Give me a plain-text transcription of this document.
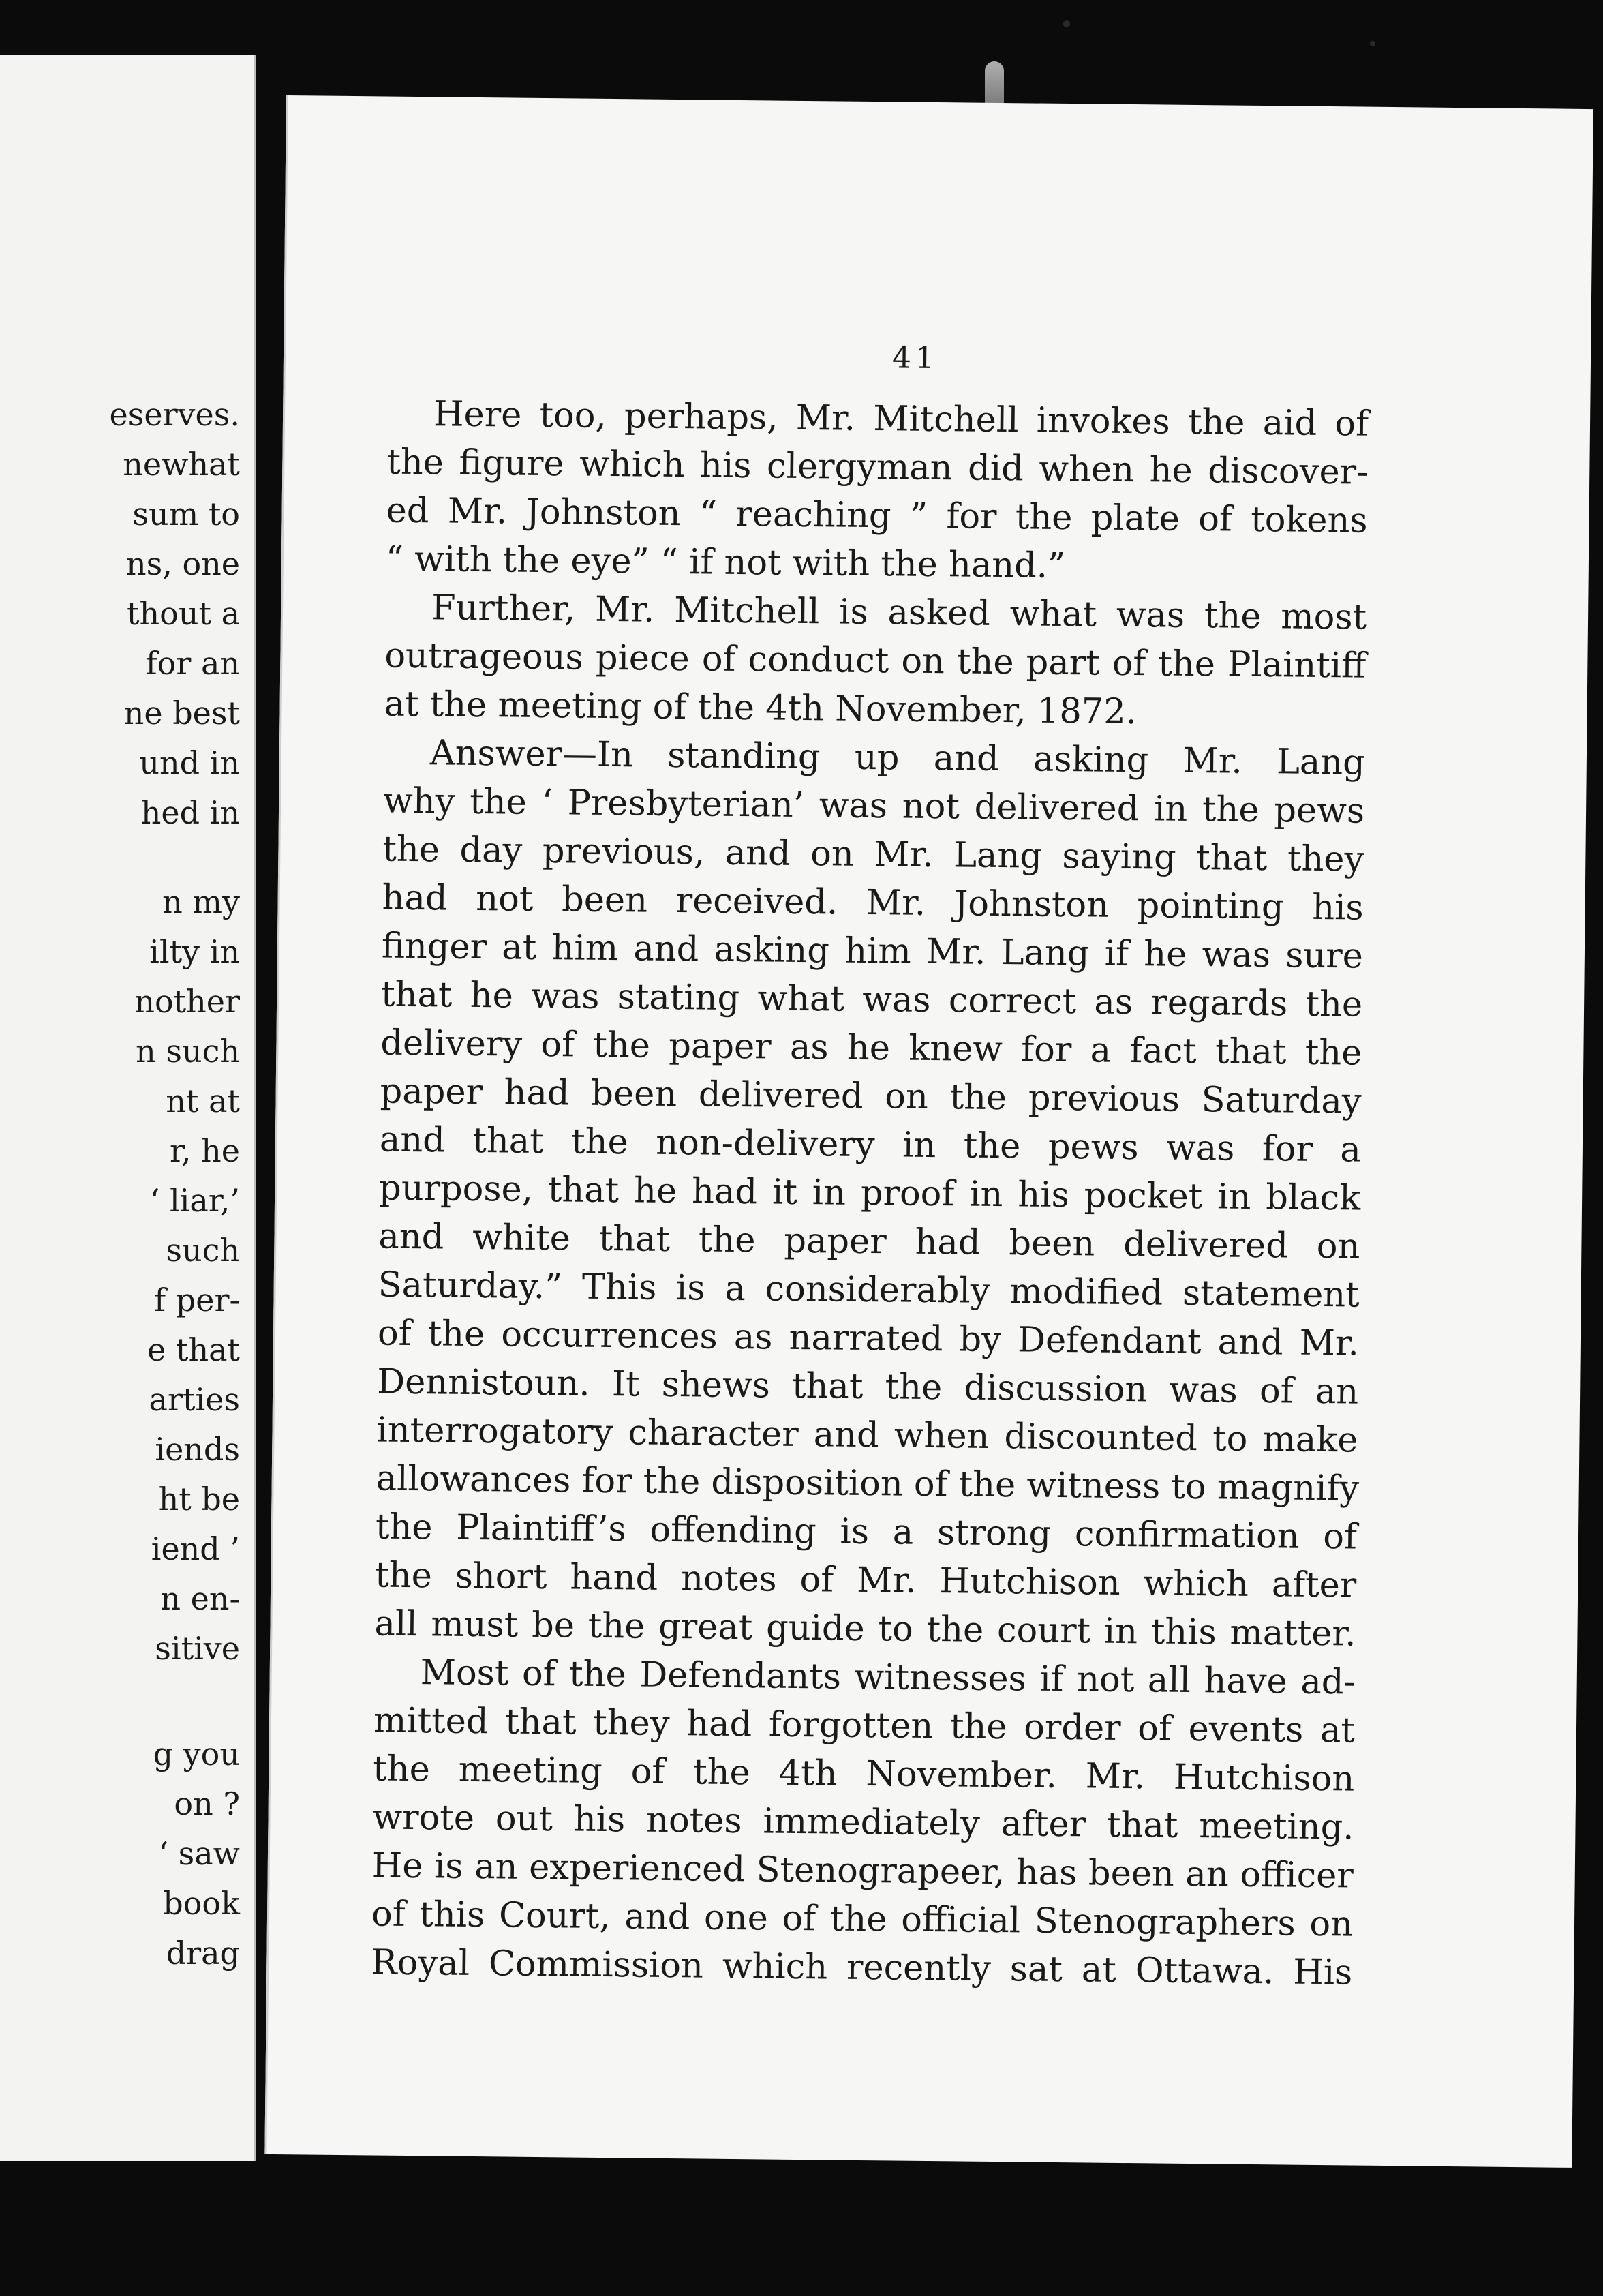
eserves.
newhat
sum to
ns, one
thout a
for an
ne best
und in
hed in
n my
ilty in
nother
n such
nt at
r, he
‘ liar,’
such
f per-
e that
arties
iends
ht be
iend ’
n en-
sitive
g you
on ?
‘ saw
book
drag
41
Here too, perhaps, Mr. Mitchell invokes the aid of
the figure which his clergyman did when he discover-
ed Mr. Johnston “ reaching ” for the plate of tokens
“ with the eye” “ if not with the hand.”
Further, Mr. Mitchell is asked what was the most
outrageous piece of conduct on the part of the Plaintiff
at the meeting of the 4th November, 1872.
Answer—In standing up and asking Mr. Lang
why the ‘ Presbyterian’ was not delivered in the pews
the day previous, and on Mr. Lang saying that they
had not been received. Mr. Johnston pointing his
finger at him and asking him Mr. Lang if he was sure
that he was stating what was correct as regards the
delivery of the paper as he knew for a fact that the
paper had been delivered on the previous Saturday
and that the non-delivery in the pews was for a
purpose, that he had it in proof in his pocket in black
and white that the paper had been delivered on
Saturday.” This is a considerably modified statement
of the occurrences as narrated by Defendant and Mr.
Dennistoun. It shews that the discussion was of an
interrogatory character and when discounted to make
allowances for the disposition of the witness to magnify
the Plaintiff’s offending is a strong confirmation of
the short hand notes of Mr. Hutchison which after
all must be the great guide to the court in this matter.
Most of the Defendants witnesses if not all have ad-
mitted that they had forgotten the order of events at
the meeting of the 4th November. Mr. Hutchison
wrote out his notes immediately after that meeting.
He is an experienced Stenograpeer, has been an officer
of this Court, and one of the official Stenographers on
Royal Commission which recently sat at Ottawa. His
